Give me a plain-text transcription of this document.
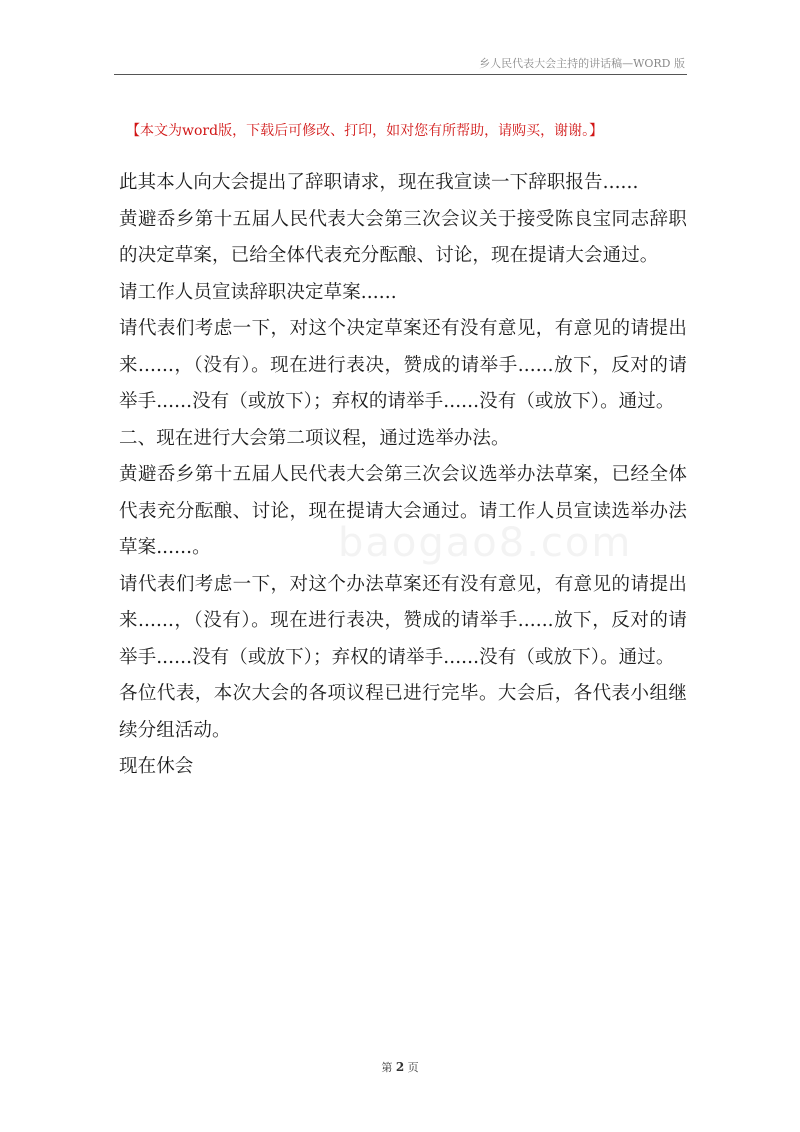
乡人民代表大会主持的讲话稿—WORD 版
【本文为word版，下载后可修改、打印，如对您有所帮助，请购买，谢谢。】

此其本人向大会提出了辞职请求，现在我宣读一下辞职报告......

黄避岙乡第十五届人民代表大会第三次会议关于接受陈良宝同志辞职的决定草案，已给全体代表充分酝酿、讨论，现在提请大会通过。

请工作人员宣读辞职决定草案......

请代表们考虑一下，对这个决定草案还有没有意见，有意见的请提出来......，（没有）。现在进行表决，赞成的请举手......放下，反对的请举手......没有（或放下）；弃权的请举手......没有（或放下）。通过。

二、现在进行大会第二项议程，通过选举办法。

黄避岙乡第十五届人民代表大会第三次会议选举办法草案，已经全体代表充分酝酿、讨论，现在提请大会通过。请工作人员宣读选举办法草案......。

请代表们考虑一下，对这个办法草案还有没有意见，有意见的请提出来......，（没有）。现在进行表决，赞成的请举手......放下，反对的请举手......没有（或放下）；弃权的请举手......没有（或放下）。通过。

各位代表，本次大会的各项议程已进行完毕。大会后，各代表小组继续分组活动。

现在休会

baogao8.com
第 2 页
